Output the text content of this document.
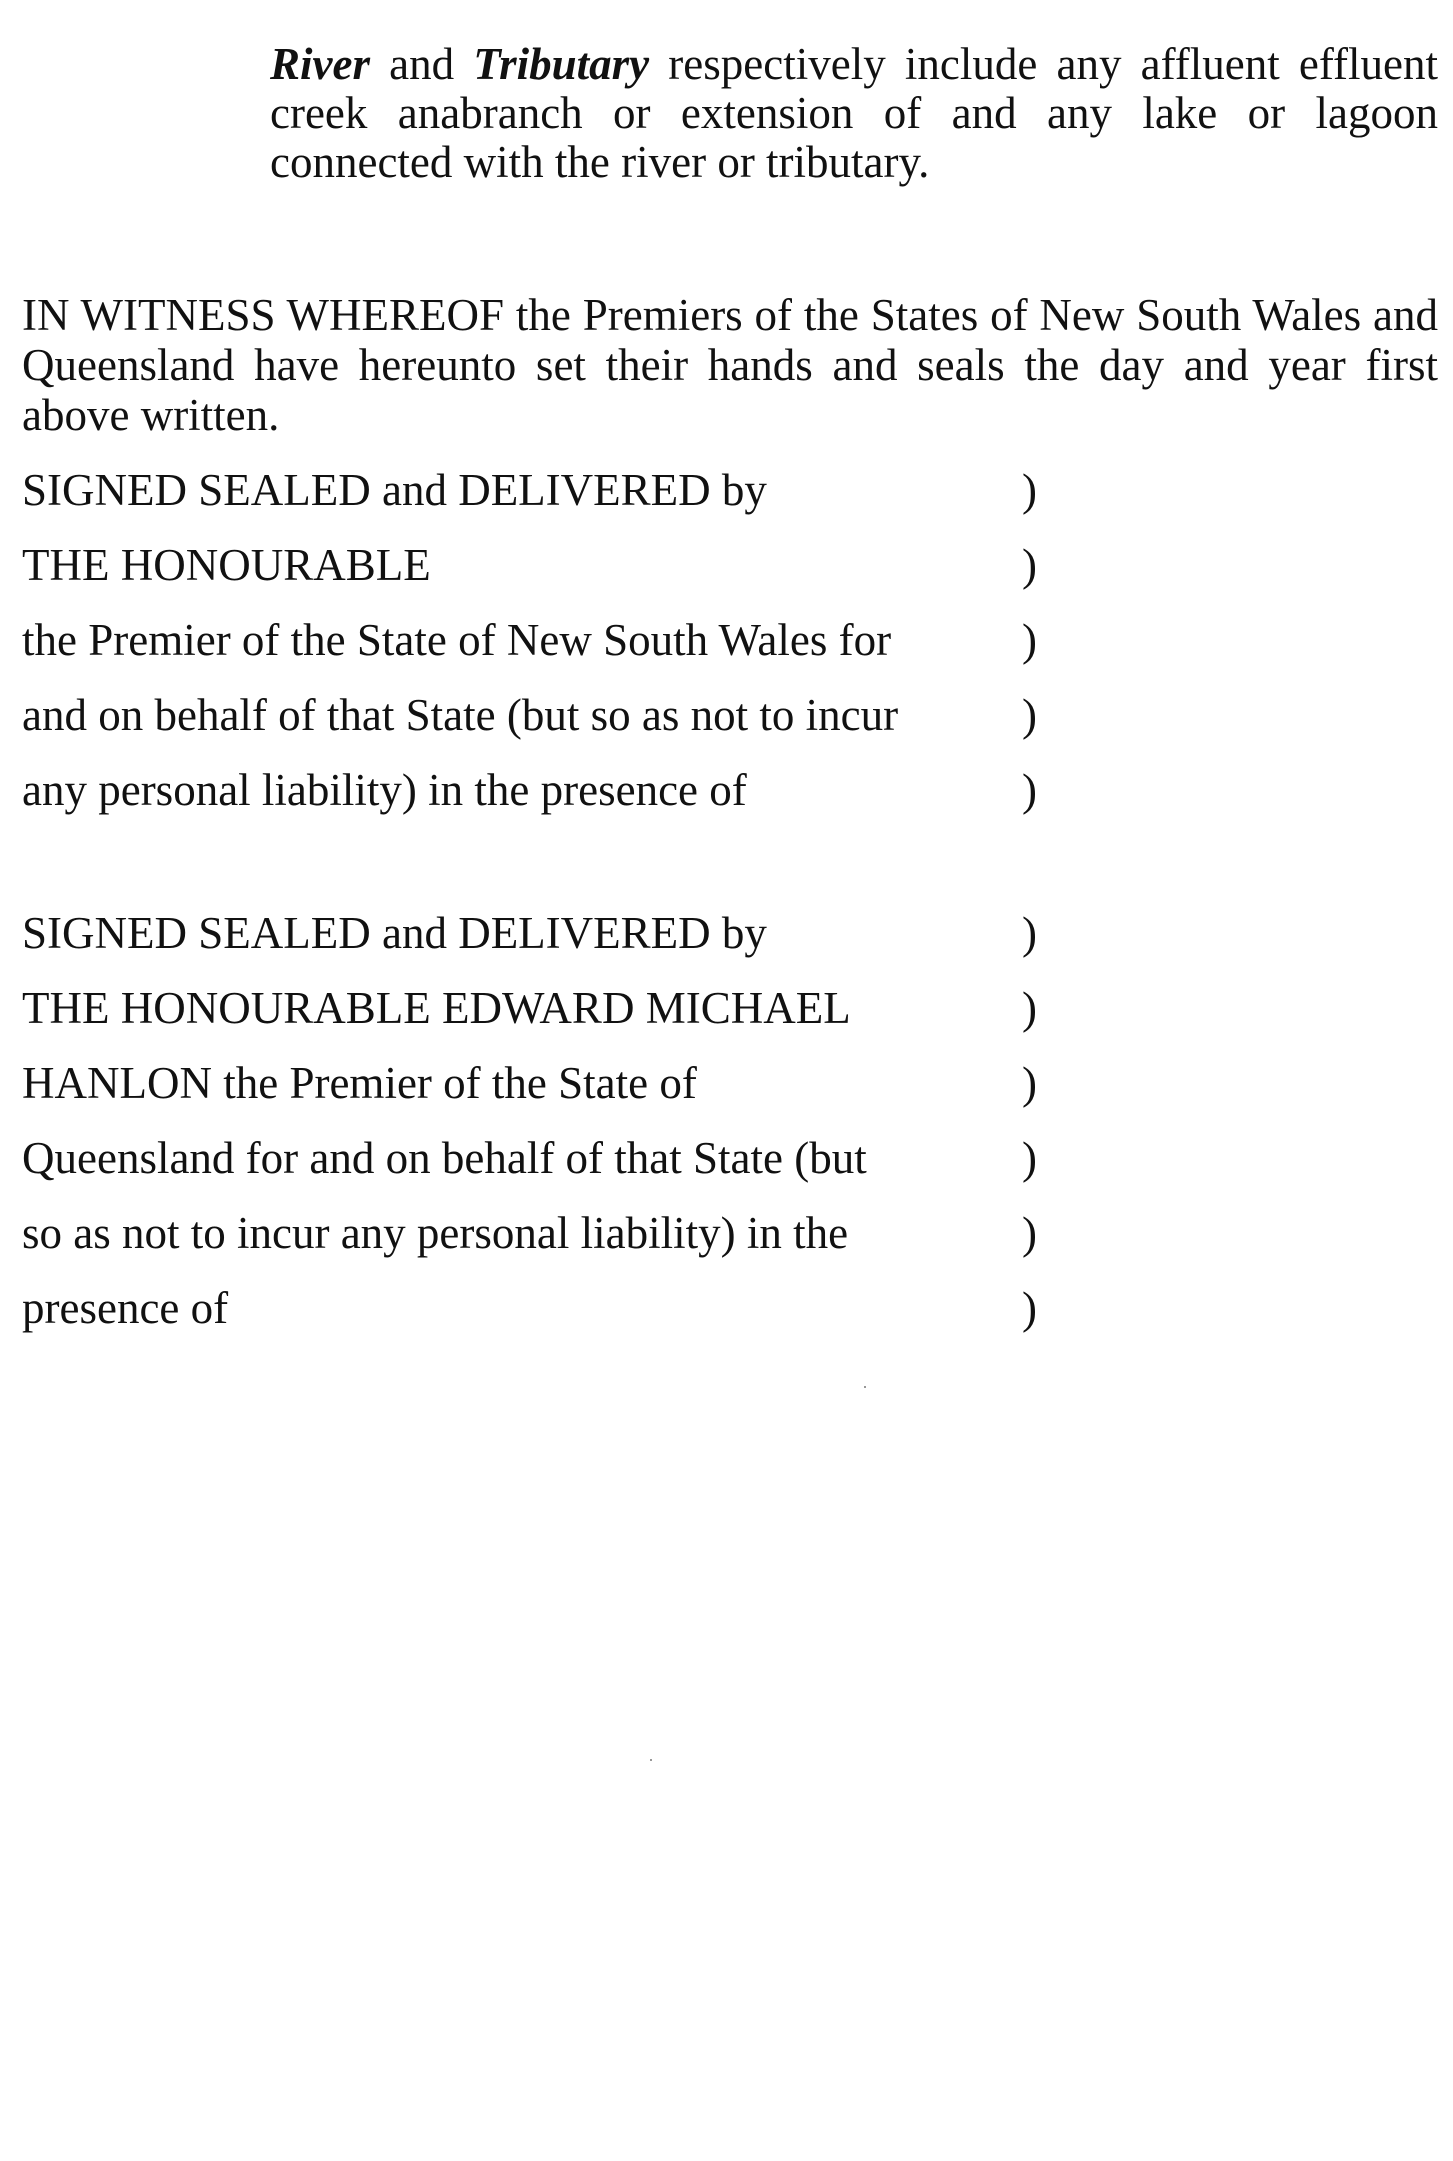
River and Tributary respectively include any affluent effluent creek anabranch or extension of and any lake or lagoon connected with the river or tributary.

IN WITNESS WHEREOF the Premiers of the States of New South Wales and Queensland have hereunto set their hands and seals the day and year first above written.

SIGNED SEALED and DELIVERED by	)
THE HONOURABLE	)
the Premier of the State of New South Wales for	)
and on behalf of that State (but so as not to incur	)
any personal liability) in the presence of	)
SIGNED SEALED and DELIVERED by	)
THE HONOURABLE EDWARD MICHAEL	)
HANLON the Premier of the State of	)
Queensland for and on behalf of that State (but	)
so as not to incur any personal liability) in the	)
presence of	)
